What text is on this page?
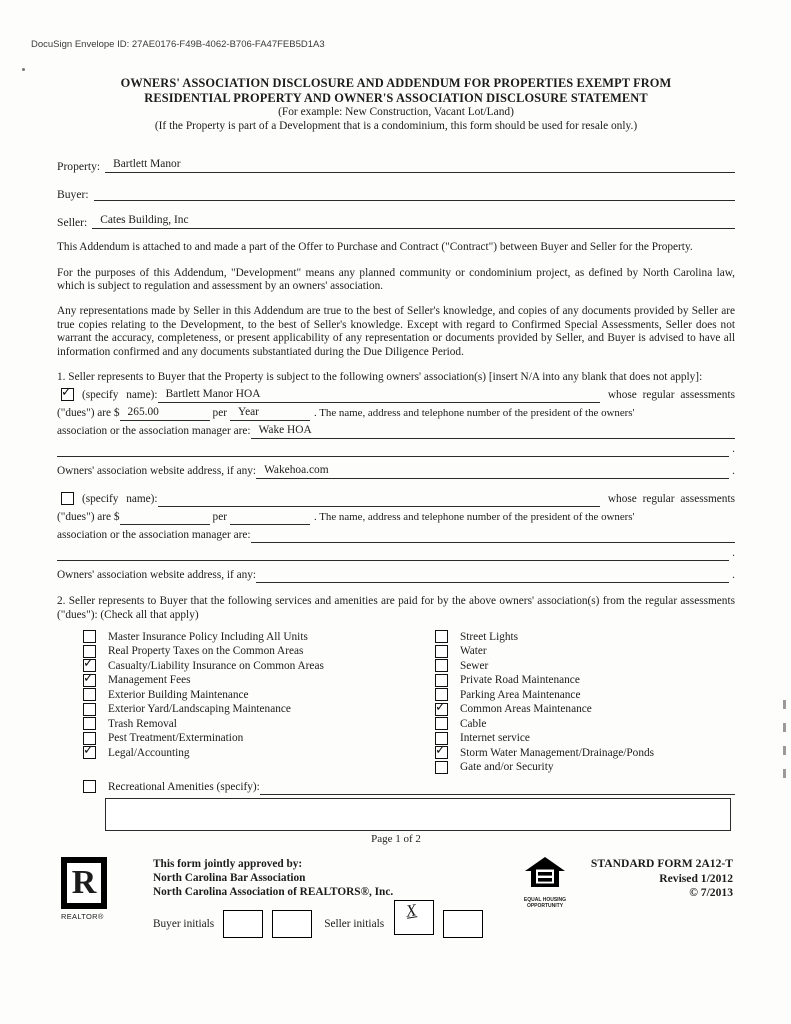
DocuSign Envelope ID: 27AE0176-F49B-4062-B706-FA47FEB5D1A3
OWNERS' ASSOCIATION DISCLOSURE AND ADDENDUM FOR PROPERTIES EXEMPT FROM
RESIDENTIAL PROPERTY AND OWNER'S ASSOCIATION DISCLOSURE STATEMENT
(For example: New Construction, Vacant Lot/Land)
(If the Property is part of a Development that is a condominium, this form should be used for resale only.)
Property:	Bartlett Manor
Buyer:
Seller:	Cates Building, Inc

This Addendum is attached to and made a part of the Offer to Purchase and Contract ("Contract") between Buyer and Seller for the Property.

For the purposes of this Addendum, "Development" means any planned community or condominium project, as defined by North Carolina law, which is subject to regulation and assessment by an owners' association.

Any representations made by Seller in this Addendum are true to the best of Seller's knowledge, and copies of any documents provided by Seller are true copies relating to the Development, to the best of Seller's knowledge. Except with regard to Confirmed Special Assessments, Seller does not warrant the accuracy, completeness, or present applicability of any representation or documents provided by Seller, and Buyer is advised to have all information confirmed and any documents substantiated during the Due Diligence Period.

1. Seller represents to Buyer that the Property is subject to the following owners' association(s) [insert N/A into any blank that does not apply]:

✓
(specify name): Bartlett Manor HOA	whose regular assessments
("dues") are $ 265.00	per Year	. The name, address and telephone number of the president of the owners'
association or the association manager are: Wake HOA
.
Owners' association website address, if any: Wakehoa.com	.
(specify name):	whose regular assessments
("dues") are $	per	. The name, address and telephone number of the president of the owners'
association or the association manager are:
.
Owners' association website address, if any:	.

2. Seller represents to Buyer that the following services and amenities are paid for by the above owners' association(s) from the regular assessments ("dues"): (Check all that apply)

Master Insurance Policy Including All Units
Real Property Taxes on the Common Areas
✓
Casualty/Liability Insurance on Common Areas
✓
Management Fees
Exterior Building Maintenance
Exterior Yard/Landscaping Maintenance
Trash Removal
Pest Treatment/Extermination
✓
Legal/Accounting
Street Lights
Water
Sewer
Private Road Maintenance
Parking Area Maintenance
✓
Common Areas Maintenance
Cable
Internet service
✓
Storm Water Management/Drainage/Ponds
Gate and/or Security
Recreational Amenities (specify):
Page 1 of 2
R
REALTOR®
This form jointly approved by:
North Carolina Bar Association
North Carolina Association of REALTORS®, Inc.
Buyer initials	Seller initials
X	EQUAL HOUSING
OPPORTUNITY
STANDARD FORM 2A12-T
Revised 1/2012
© 7/2013
